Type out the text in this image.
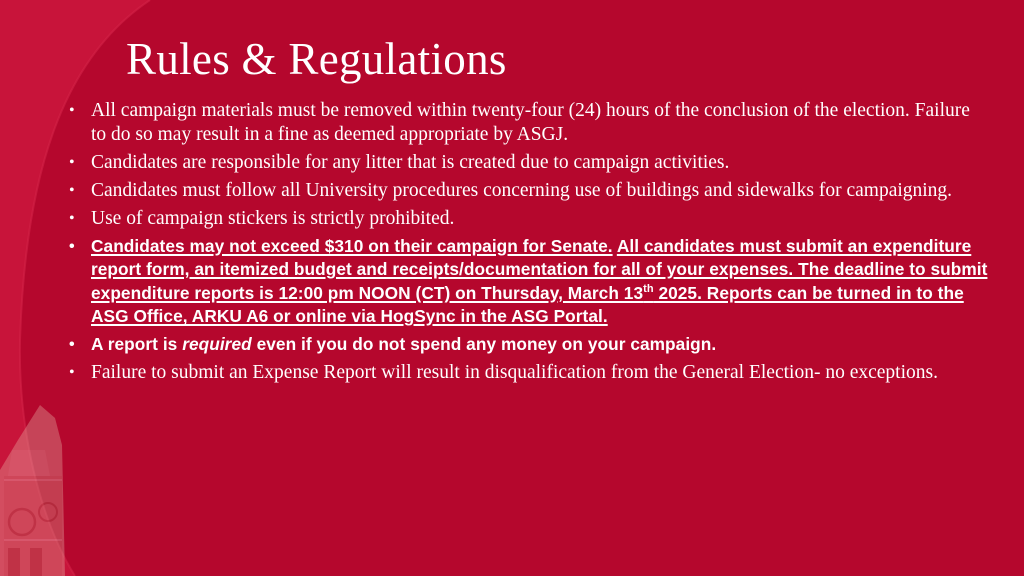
Rules & Regulations
• All campaign materials must be removed within twenty-four (24) hours of the conclusion of the election. Failure to do so may result in a fine as deemed appropriate by ASGJ.
• Candidates are responsible for any litter that is created due to campaign activities.
• Candidates must follow all University procedures concerning use of buildings and sidewalks for campaigning.
• Use of campaign stickers is strictly prohibited.
• Candidates may not exceed $310 on their campaign for Senate. All candidates must submit an expenditure report form, an itemized budget and receipts/documentation for all of your expenses. The deadline to submit expenditure reports is 12:00 pm NOON (CT) on Thursday, March 13th 2025. Reports can be turned in to the ASG Office, ARKU A6 or online via HogSync in the ASG Portal.
• A report is required even if you do not spend any money on your campaign.
• Failure to submit an Expense Report will result in disqualification from the General Election- no exceptions.
